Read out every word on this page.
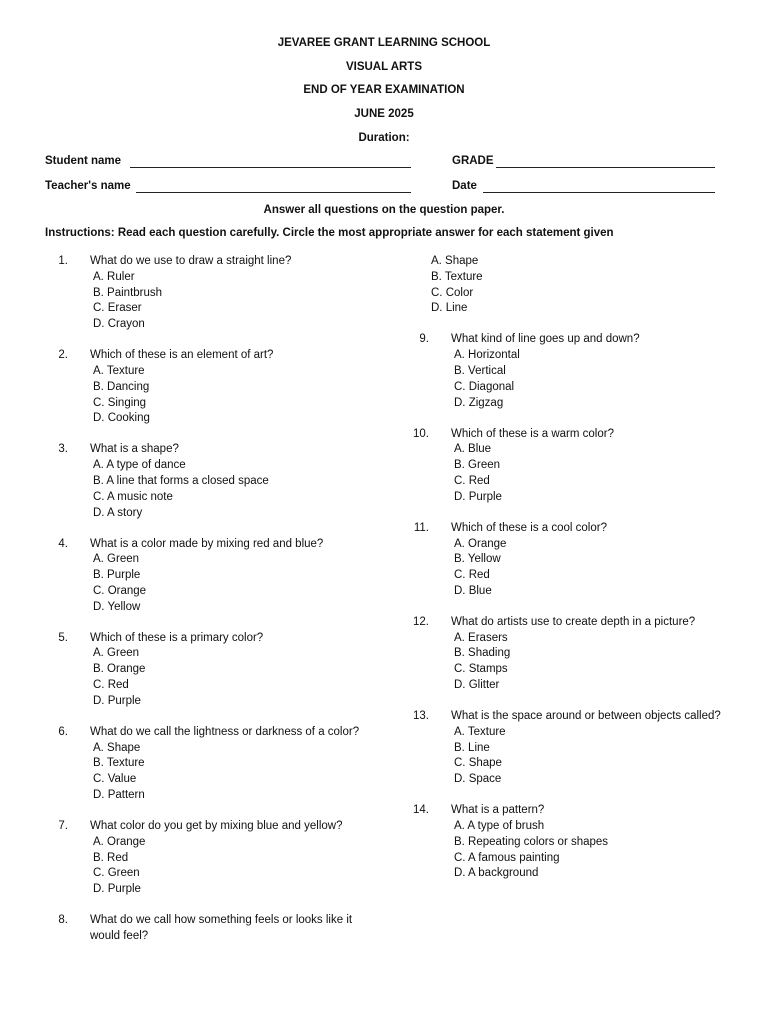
JEVAREE GRANT LEARNING SCHOOL
VISUAL ARTS
END OF YEAR EXAMINATION
JUNE 2025
Duration:
Student name	GRADE
Teacher's name	Date
Answer all questions on the question paper.
Instructions: Read each question carefully. Circle the most appropriate answer for each statement given
1.	What do we use to draw a straight line?
A. Ruler
B. Paintbrush
C. Eraser
D. Crayon
2.	Which of these is an element of art?
A. Texture
B. Dancing
C. Singing
D. Cooking
3.	What is a shape?
A. A type of dance
B. A line that forms a closed space
C. A music note
D. A story
4.	What is a color made by mixing red and blue?
A. Green
B. Purple
C. Orange
D. Yellow
5.	Which of these is a primary color?
A. Green
B. Orange
C. Red
D. Purple
6.	What do we call the lightness or darkness of a color?
A. Shape
B. Texture
C. Value
D. Pattern
7.	What color do you get by mixing blue and yellow?
A. Orange
B. Red
C. Green
D. Purple
8.	What do we call how something feels or looks like it would feel?
A. Shape
B. Texture
C. Color
D. Line
9.	What kind of line goes up and down?
A. Horizontal
B. Vertical
C. Diagonal
D. Zigzag
10.	Which of these is a warm color?
A. Blue
B. Green
C. Red
D. Purple
11.	Which of these is a cool color?
A. Orange
B. Yellow
C. Red
D. Blue
12.	What do artists use to create depth in a picture?
A. Erasers
B. Shading
C. Stamps
D. Glitter
13.	What is the space around or between objects called?
A. Texture
B. Line
C. Shape
D. Space
14.	What is a pattern?
A. A type of brush
B. Repeating colors or shapes
C. A famous painting
D. A background
